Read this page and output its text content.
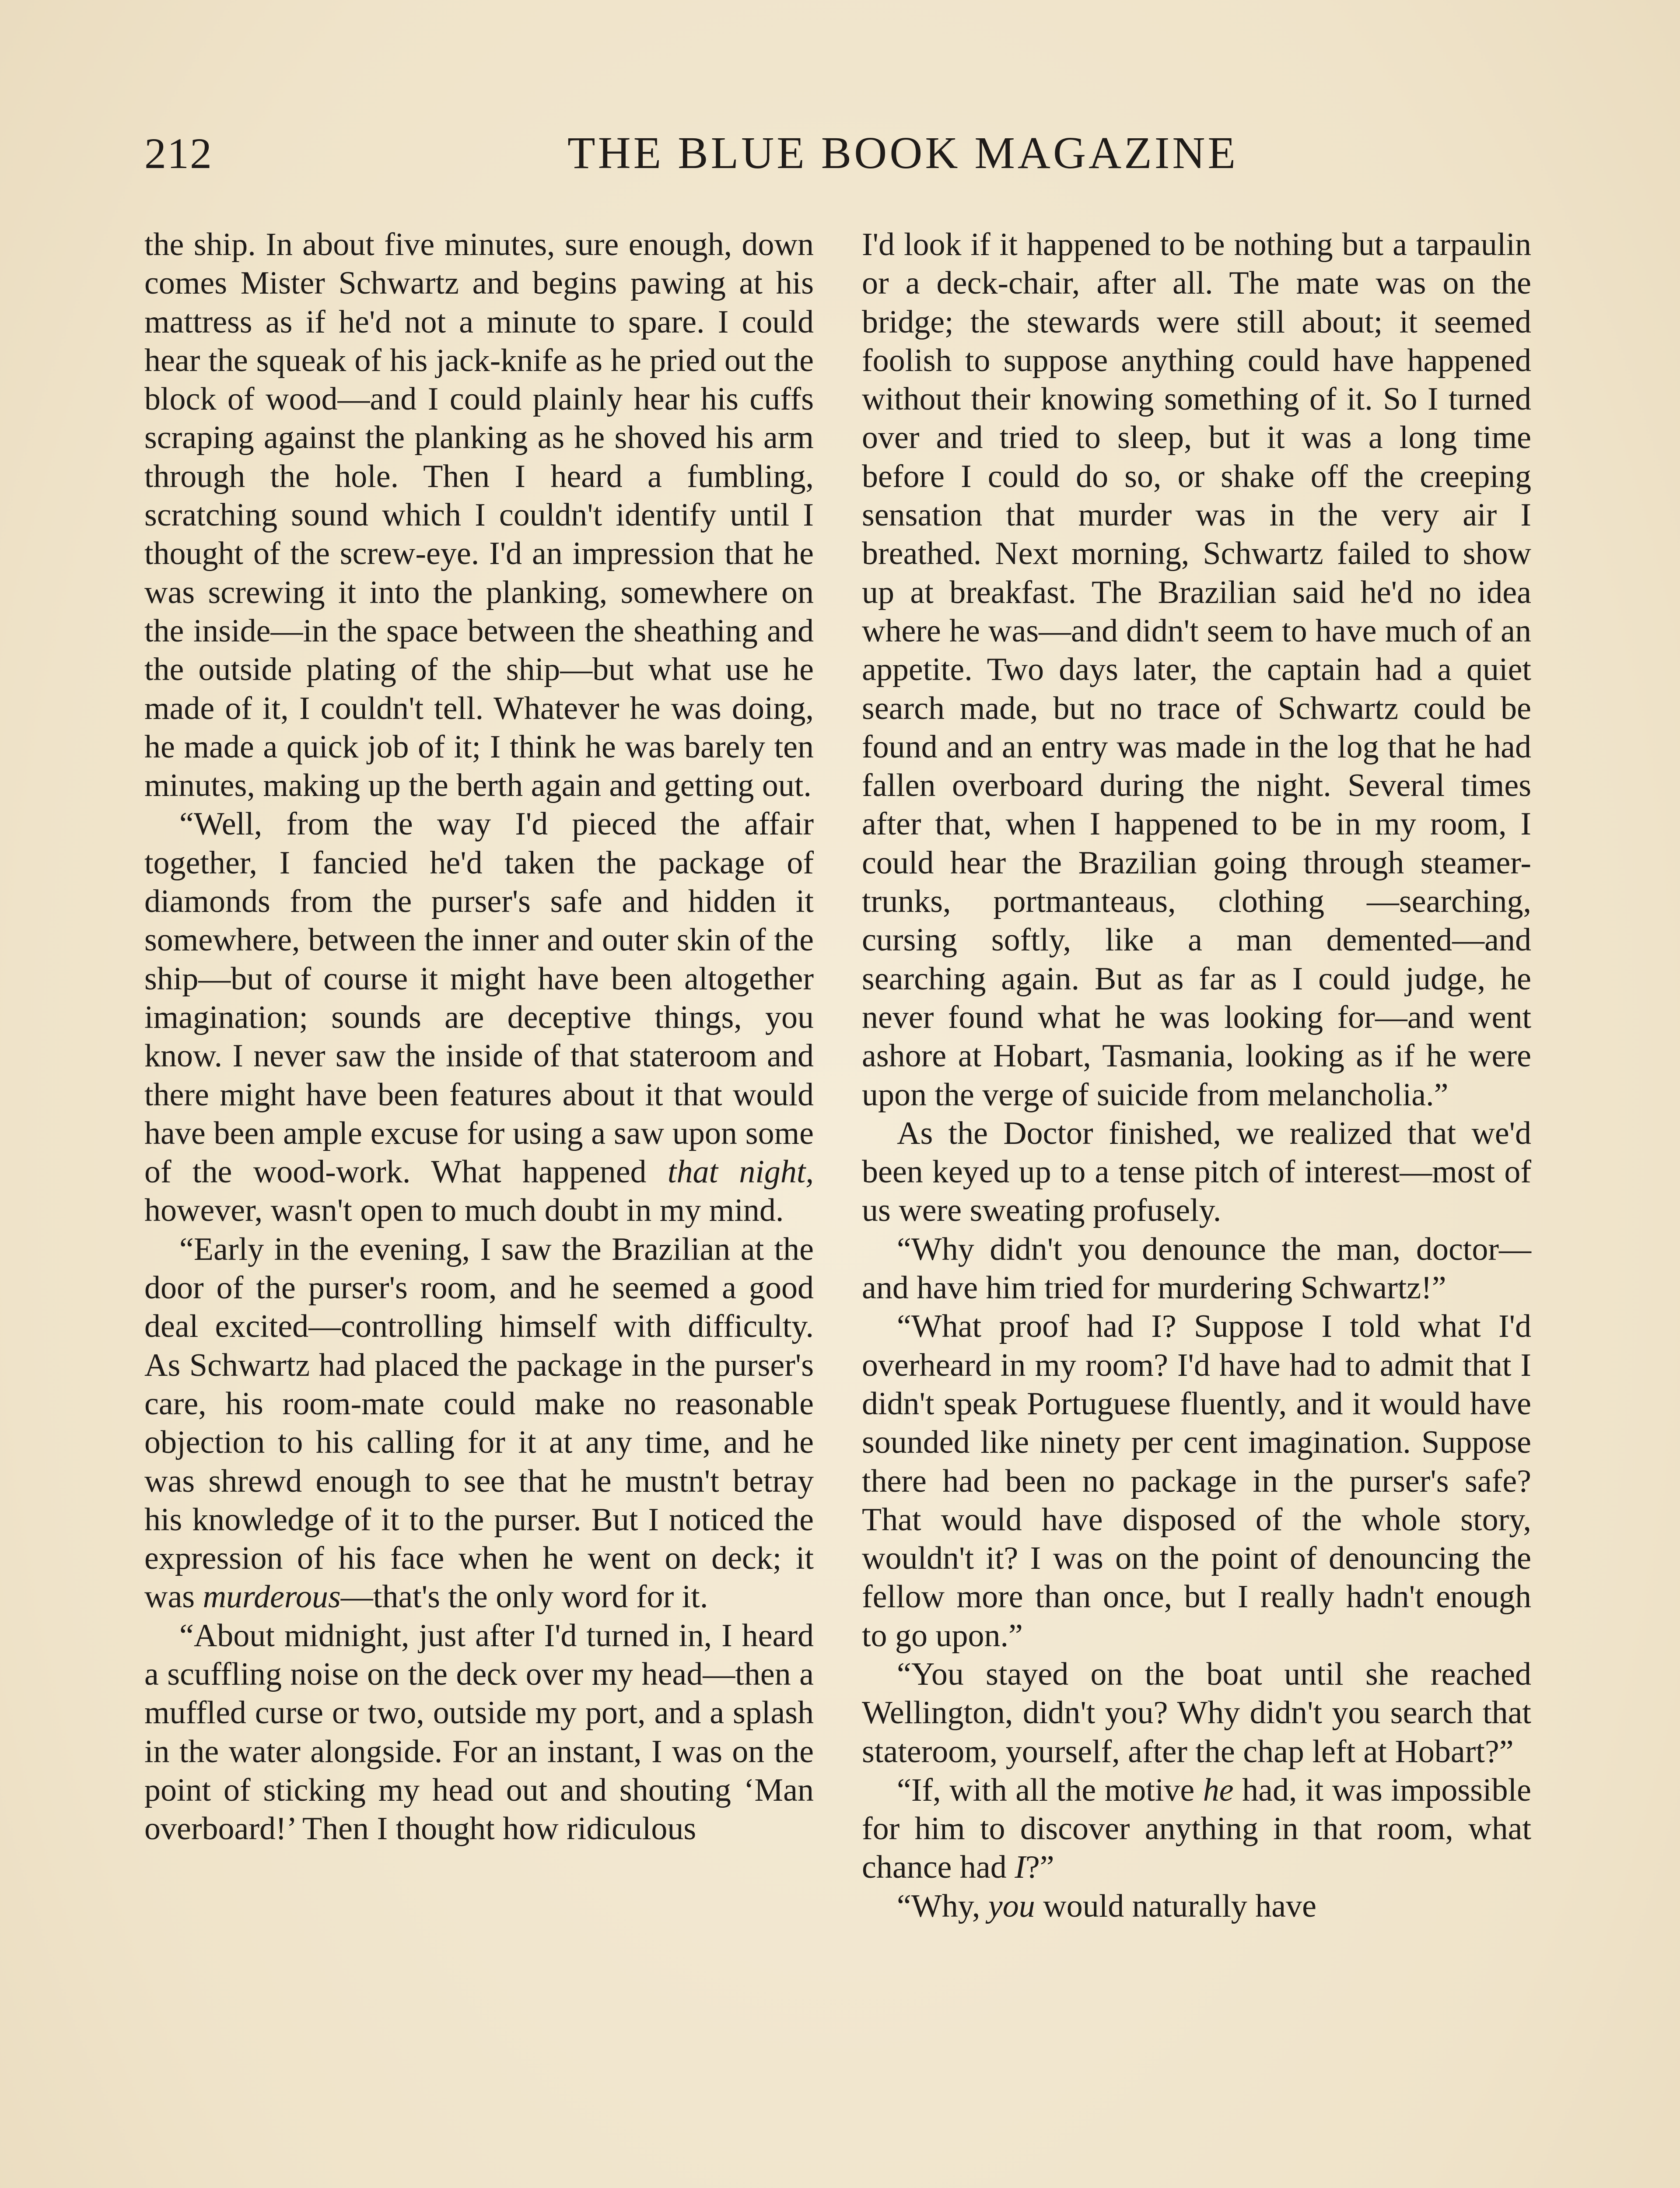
212	THE BLUE BOOK MAGAZINE

the ship. In about five minutes, sure enough, down comes Mister Schwartz and begins pawing at his mattress as if he'd not a minute to spare. I could hear the squeak of his jack-knife as he pried out the block of wood—and I could plainly hear his cuffs scraping against the planking as he shoved his arm through the hole. Then I heard a fumbling, scratching sound which I couldn't identify until I thought of the screw-eye. I'd an impression that he was screwing it into the planking, somewhere on the inside—in the space between the sheathing and the outside plating of the ship—but what use he made of it, I couldn't tell. Whatever he was doing, he made a quick job of it; I think he was barely ten minutes, making up the berth again and getting out.

“Well, from the way I'd pieced the affair together, I fancied he'd taken the package of diamonds from the purser's safe and hidden it somewhere, between the inner and outer skin of the ship—but of course it might have been altogether imagination; sounds are deceptive things, you know. I never saw the inside of that stateroom and there might have been features about it that would have been ample excuse for using a saw upon some of the wood-work. What happened that night, however, wasn't open to much doubt in my mind.

“Early in the evening, I saw the Brazilian at the door of the purser's room, and he seemed a good deal excited—controlling himself with difficulty. As Schwartz had placed the package in the purser's care, his room-mate could make no reasonable objection to his calling for it at any time, and he was shrewd enough to see that he mustn't betray his knowledge of it to the purser. But I noticed the expression of his face when he went on deck; it was murderous—that's the only word for it.

“About midnight, just after I'd turned in, I heard a scuffling noise on the deck over my head—then a muffled curse or two, outside my port, and a splash in the water alongside. For an instant, I was on the point of sticking my head out and shouting ‘Man overboard!’ Then I thought how ridiculous

I'd look if it happened to be nothing but a tarpaulin or a deck-chair, after all. The mate was on the bridge; the stewards were still about; it seemed foolish to suppose anything could have happened without their knowing something of it. So I turned over and tried to sleep, but it was a long time before I could do so, or shake off the creeping sensation that murder was in the very air I breathed. Next morning, Schwartz failed to show up at breakfast. The Brazilian said he'd no idea where he was—and didn't seem to have much of an appetite. Two days later, the captain had a quiet search made, but no trace of Schwartz could be found and an entry was made in the log that he had fallen overboard during the night. Several times after that, when I happened to be in my room, I could hear the Brazilian going through steamer-trunks, portmanteaus, clothing —searching, cursing softly, like a man demented—and searching again. But as far as I could judge, he never found what he was looking for—and went ashore at Hobart, Tasmania, looking as if he were upon the verge of suicide from melancholia.”

As the Doctor finished, we realized that we'd been keyed up to a tense pitch of interest—most of us were sweating profusely.

“Why didn't you denounce the man, doctor—and have him tried for murdering Schwartz!”

“What proof had I? Suppose I told what I'd overheard in my room? I'd have had to admit that I didn't speak Portuguese fluently, and it would have sounded like ninety per cent imagination. Suppose there had been no package in the purser's safe? That would have disposed of the whole story, wouldn't it? I was on the point of denouncing the fellow more than once, but I really hadn't enough to go upon.”

“You stayed on the boat until she reached Wellington, didn't you? Why didn't you search that stateroom, yourself, after the chap left at Hobart?”

“If, with all the motive he had, it was impossible for him to discover anything in that room, what chance had I?”

“Why, you would naturally have
